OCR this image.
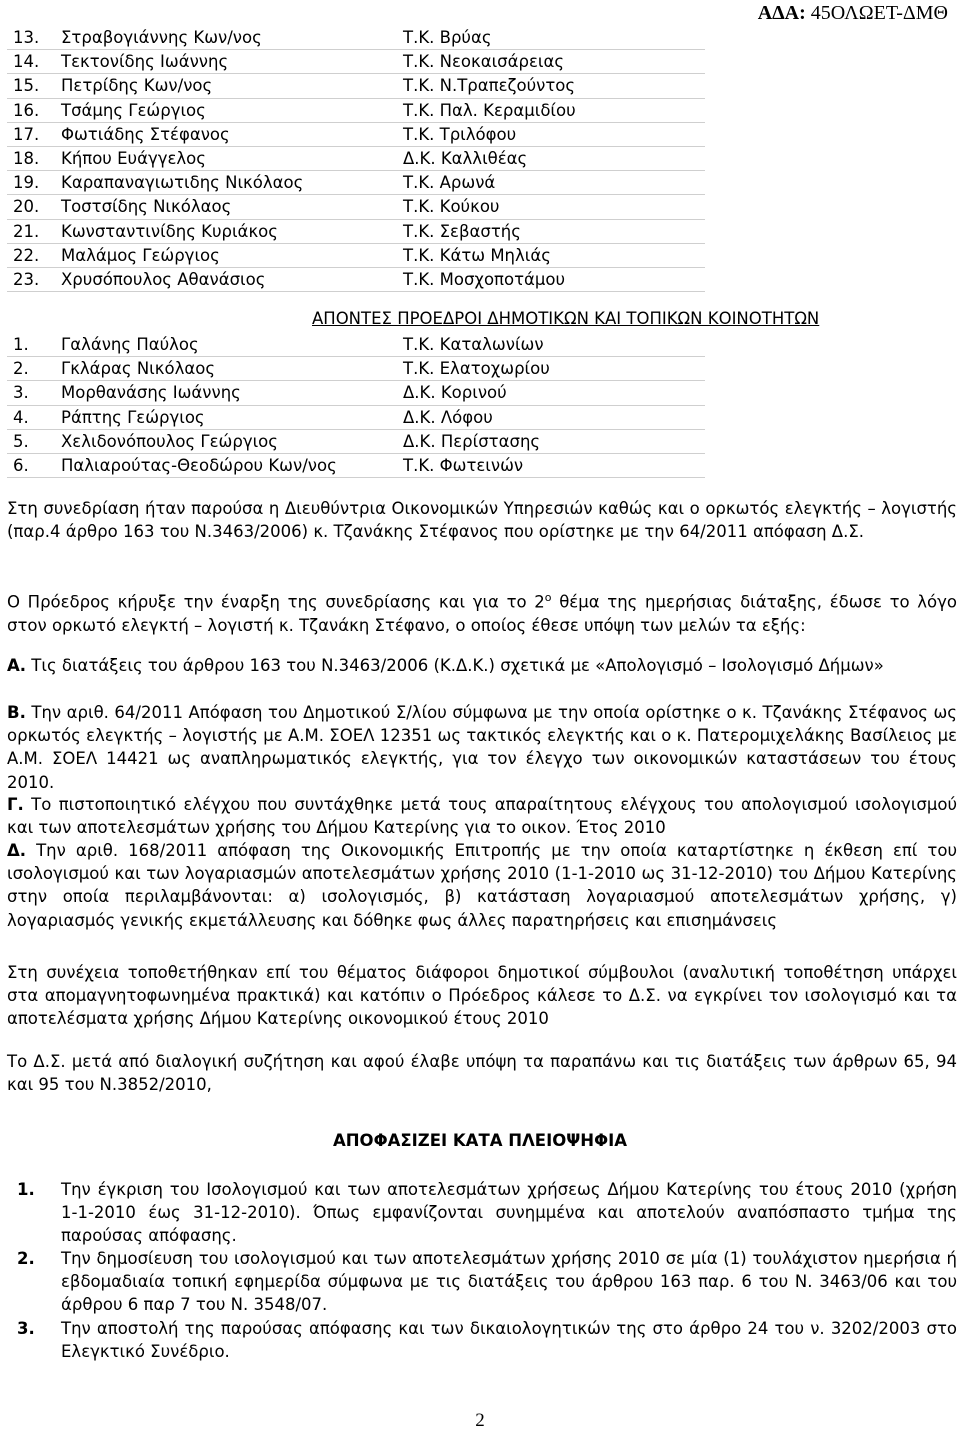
ΑΔΑ: 45ΟΛΩΕΤ-ΔΜΘ
13.	Στραβογιάννης Κων/νος	Τ.Κ. Βρύας
14.	Τεκτονίδης Ιωάννης	Τ.Κ. Νεοκαισάρειας
15.	Πετρίδης Κων/νος	Τ.Κ. Ν.Τραπεζούντος
16.	Τσάμης Γεώργιος	Τ.Κ. Παλ. Κεραμιδίου
17.	Φωτιάδης Στέφανος	Τ.Κ. Τριλόφου
18.	Κήπου Ευάγγελος	Δ.Κ. Καλλιθέας
19.	Καραπαναγιωτιδης Νικόλαος	Τ.Κ. Αρωνά
20.	Τοστσίδης Νικόλαος	Τ.Κ. Κούκου
21.	Κωνσταντινίδης Κυριάκος	Τ.Κ. Σεβαστής
22.	Μαλάμος Γεώργιος	Τ.Κ. Κάτω Μηλιάς
23.	Χρυσόπουλος Αθανάσιος	Τ.Κ. Μοσχοποτάμου
ΑΠΟΝΤΕΣ ΠΡΟΕΔΡΟΙ ΔΗΜΟΤΙΚΩΝ ΚΑΙ ΤΟΠΙΚΩΝ ΚΟΙΝΟΤΗΤΩΝ
1.	Γαλάνης Παύλος	Τ.Κ. Καταλωνίων
2.	Γκλάρας Νικόλαος	Τ.Κ. Ελατοχωρίου
3.	Μορθανάσης Ιωάννης	Δ.Κ. Κορινού
4.	Ράπτης Γεώργιος	Δ.Κ. Λόφου
5.	Χελιδονόπουλος Γεώργιος	Δ.Κ. Περίστασης
6.	Παλιαρούτας-Θεοδώρου Κων/νος	Τ.Κ. Φωτεινών
Στη συνεδρίαση ήταν παρούσα η Διευθύντρια Οικονομικών Υπηρεσιών καθώς και ο ορκωτός ελεγκτής – λογιστής (παρ.4 άρθρο 163 του Ν.3463/2006) κ. Τζανάκης Στέφανος που ορίστηκε με την 64/2011 απόφαση Δ.Σ.
Ο Πρόεδρος κήρυξε την έναρξη της συνεδρίασης και για το $2^o$ θέμα της ημερήσιας διάταξης, έδωσε το λόγο στον ορκωτό ελεγκτή – λογιστή κ. Τζανάκη Στέφανο, ο οποίος έθεσε υπόψη των μελών τα εξής:
Α. Τις διατάξεις του άρθρου 163 του Ν.3463/2006 (Κ.Δ.Κ.) σχετικά με «Απολογισμό – Ισολογισμό Δήμων»
Β. Την αριθ. 64/2011 Απόφαση του Δημοτικού Σ/λίου σύμφωνα με την οποία ορίστηκε ο κ. Τζανάκης Στέφανος ως ορκωτός ελεγκτής – λογιστής με Α.Μ. ΣΟΕΛ 12351 ως τακτικός ελεγκτής και ο κ. Πατερομιχελάκης Βασίλειος με Α.Μ. ΣΟΕΛ 14421 ως αναπληρωματικός ελεγκτής, για τον έλεγχο των οικονομικών καταστάσεων του έτους 2010.
Γ. Το πιστοποιητικό ελέγχου που συντάχθηκε μετά τους απαραίτητους ελέγχους του απολογισμού ισολογισμού και των αποτελεσμάτων χρήσης του Δήμου Κατερίνης για το οικον. Έτος 2010
Δ. Την αριθ. 168/2011 απόφαση της Οικονομικής Επιτροπής με την οποία καταρτίστηκε η έκθεση επί του ισολογισμού και των λογαριασμών αποτελεσμάτων χρήσης 2010 (1-1-2010 ως 31-12-2010) του Δήμου Κατερίνης στην οποία περιλαμβάνονται: α) ισολογισμός, β) κατάσταση λογαριασμού αποτελεσμάτων χρήσης, γ) λογαριασμός γενικής εκμετάλλευσης και δόθηκε φως άλλες παρατηρήσεις και επισημάνσεις
Στη συνέχεια τοποθετήθηκαν επί του θέματος διάφοροι δημοτικοί σύμβουλοι (αναλυτική τοποθέτηση υπάρχει στα απομαγνητοφωνημένα πρακτικά) και κατόπιν ο Πρόεδρος κάλεσε το Δ.Σ. να εγκρίνει τον ισολογισμό και τα αποτελέσματα χρήσης Δήμου Κατερίνης οικονομικού έτους 2010
Το Δ.Σ. μετά από διαλογική συζήτηση και αφού έλαβε υπόψη τα παραπάνω και τις διατάξεις των άρθρων 65, 94 και 95 του Ν.3852/2010,
ΑΠΟΦΑΣΙΖΕΙ ΚΑΤΑ ΠΛΕΙΟΨΗΦΙΑ
1. Την έγκριση του Ισολογισμού και των αποτελεσμάτων χρήσεως Δήμου Κατερίνης του έτους 2010 (χρήση 1-1-2010 έως 31-12-2010). Όπως εμφανίζονται συνημμένα και αποτελούν αναπόσπαστο τμήμα της παρούσας απόφασης.
2. Την δημοσίευση του ισολογισμού και των αποτελεσμάτων χρήσης 2010 σε μία (1) τουλάχιστον ημερήσια ή εβδομαδιαία τοπική εφημερίδα σύμφωνα με τις διατάξεις του άρθρου 163 παρ. 6 του Ν. 3463/06 και του άρθρου 6 παρ 7 του Ν. 3548/07.
3. Την αποστολή της παρούσας απόφασης και των δικαιολογητικών της στο άρθρο 24 του ν. 3202/2003 στο Ελεγκτικό Συνέδριο.
2
